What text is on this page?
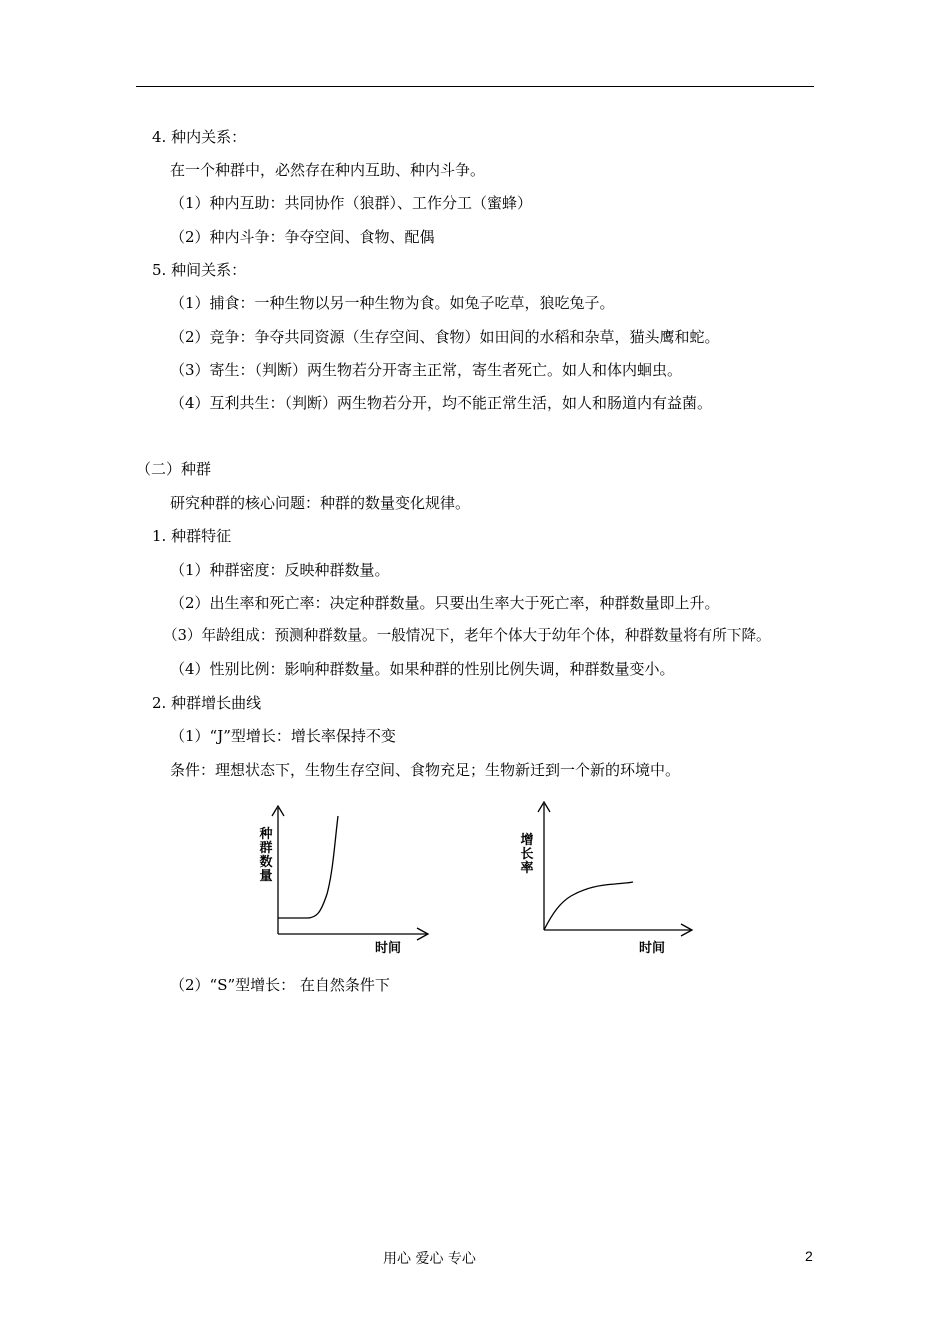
4. 种内关系：
在一个种群中，必然存在种内互助、种内斗争。
（1）种内互助：共同协作（狼群）、工作分工（蜜蜂）
（2）种内斗争：争夺空间、食物、配偶
5. 种间关系：
（1）捕食：一种生物以另一种生物为食。如兔子吃草，狼吃兔子。
（2）竞争：争夺共同资源（生存空间、食物）如田间的水稻和杂草，猫头鹰和蛇。
（3）寄生：（判断）两生物若分开寄主正常，寄生者死亡。如人和体内蛔虫。
（4）互利共生：（判断）两生物若分开，均不能正常生活，如人和肠道内有益菌。
（二）种群
研究种群的核心问题：种群的数量变化规律。
1. 种群特征
（1）种群密度：反映种群数量。
（2）出生率和死亡率：决定种群数量。只要出生率大于死亡率，种群数量即上升。
（3）年龄组成：预测种群数量。一般情况下，老年个体大于幼年个体，种群数量将有所下降。
（4）性别比例：影响种群数量。如果种群的性别比例失调，种群数量变小。
2. 种群增长曲线
（1）“J”型增长：增长率保持不变
条件：理想状态下，生物生存空间、食物充足；生物新迁到一个新的环境中。
种群数量
时间
增长率
时间
（2）“S”型增长： 在自然条件下
用心 爱心 专心	2
